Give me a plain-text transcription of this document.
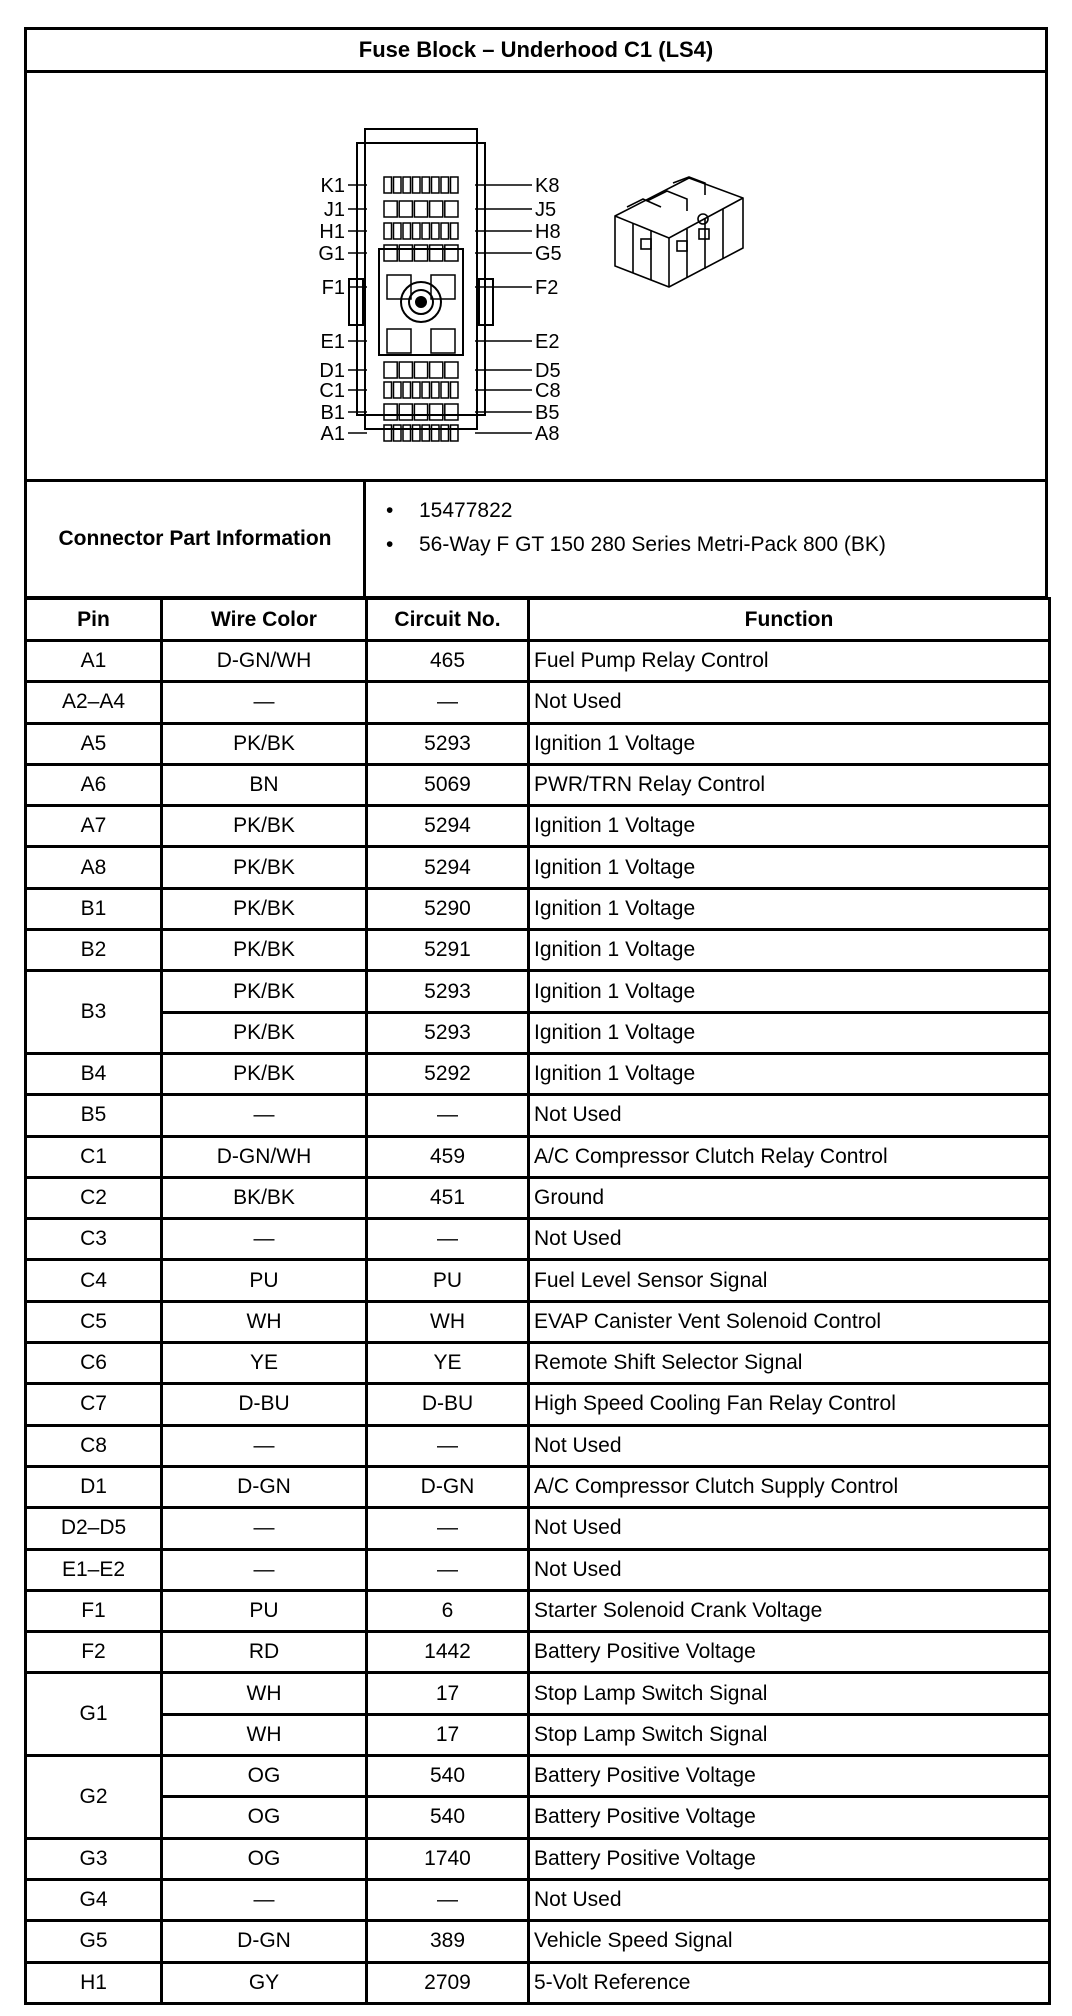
Fuse Block – Underhood C1 (LS4)
K1
J1
H1
G1
F1
E1
D1
C1
B1
A1
K8
J5
H8
G5
F2
E2
D5
C8
B5
A8
Connector Part Information
• 15477822
• 56-Way F GT 150 280 Series Metri-Pack 800 (BK)
Pin	Wire Color	Circuit No.	Function
A1	D-GN/WH	465	Fuel Pump Relay Control
A2–A4	—	—	Not Used
A5	PK/BK	5293	Ignition 1 Voltage
A6	BN	5069	PWR/TRN Relay Control
A7	PK/BK	5294	Ignition 1 Voltage
A8	PK/BK	5294	Ignition 1 Voltage
B1	PK/BK	5290	Ignition 1 Voltage
B2	PK/BK	5291	Ignition 1 Voltage
B3	PK/BK	5293	Ignition 1 Voltage
	PK/BK	5293	Ignition 1 Voltage
B4	PK/BK	5292	Ignition 1 Voltage
B5	—	—	Not Used
C1	D-GN/WH	459	A/C Compressor Clutch Relay Control
C2	BK/BK	451	Ground
C3	—	—	Not Used
C4	PU	PU	Fuel Level Sensor Signal
C5	WH	WH	EVAP Canister Vent Solenoid Control
C6	YE	YE	Remote Shift Selector Signal
C7	D-BU	D-BU	High Speed Cooling Fan Relay Control
C8	—	—	Not Used
D1	D-GN	D-GN	A/C Compressor Clutch Supply Control
D2–D5	—	—	Not Used
E1–E2	—	—	Not Used
F1	PU	6	Starter Solenoid Crank Voltage
F2	RD	1442	Battery Positive Voltage
G1	WH	17	Stop Lamp Switch Signal
	WH	17	Stop Lamp Switch Signal
G2	OG	540	Battery Positive Voltage
	OG	540	Battery Positive Voltage
G3	OG	1740	Battery Positive Voltage
G4	—	—	Not Used
G5	D-GN	389	Vehicle Speed Signal
H1	GY	2709	5-Volt Reference
